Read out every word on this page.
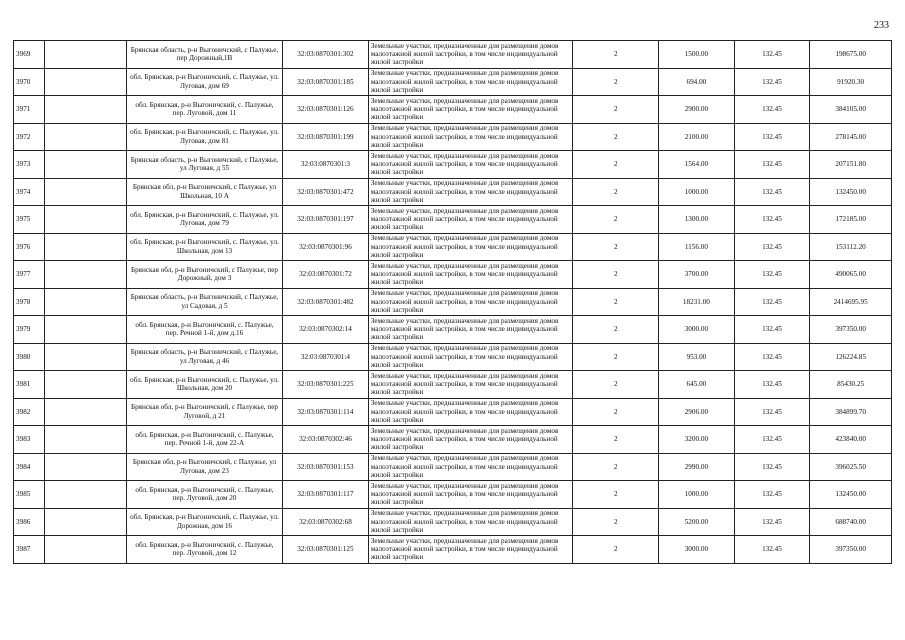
233
3969		Брянская область, р-н Выгоничский, с Палужье, пер Дорожный,1В	32:03:0870301:302	Земельные участки, предназначенные для размещения домов малоэтажной жилой застройки, в том числе индивидуальной жилой застройки	2	1500.00	132.45	198675.00
3970		обл. Брянская, р-н Выгоничский, с. Палужье, ул. Луговая, дом 69	32:03:0870301:185	Земельные участки, предназначенные для размещения домов малоэтажной жилой застройки, в том числе индивидуальной жилой застройки	2	694.00	132.45	91920.30
3971		обл. Брянская, р-н Выгоничский, с. Палужье, пер. Луговой, дом 11	32:03:0870301:126	Земельные участки, предназначенные для размещения домов малоэтажной жилой застройки, в том числе индивидуальной жилой застройки	2	2900.00	132.45	384105.00
3972		обл. Брянская, р-н Выгоничский, с. Палужье, ул. Луговая, дом 81	32:03:0870301:199	Земельные участки, предназначенные для размещения домов малоэтажной жилой застройки, в том числе индивидуальной жилой застройки	2	2100.00	132.45	278145.00
3973		Брянская область, р-н Выгоничский, с Палужье, ул Луговая, д 55	32:03:0870301:3	Земельные участки, предназначенные для размещения домов малоэтажной жилой застройки, в том числе индивидуальной жилой застройки	2	1564.00	132.45	207151.80
3974		Брянская обл, р-н Выгоничский, с Палужье, ул Школьная, 10 А	32:03:0870301:472	Земельные участки, предназначенные для размещения домов малоэтажной жилой застройки, в том числе индивидуальной жилой застройки	2	1000.00	132.45	132450.00
3975		обл. Брянская, р-н Выгоничский, с. Палужье, ул. Луговая, дом 79	32:03:0870301:197	Земельные участки, предназначенные для размещения домов малоэтажной жилой застройки, в том числе индивидуальной жилой застройки	2	1300.00	132.45	172185.00
3976		обл. Брянская, р-н Выгоничский, с. Палужье, ул. Школьная, дом 13	32:03:0870301:96	Земельные участки, предназначенные для размещения домов малоэтажной жилой застройки, в том числе индивидуальной жилой застройки	2	1156.00	132.45	153112.20
3977		Брянская обл, р-н Выгоничский, с Палужье, пер Дорожный, дом 3	32:03:0870301:72	Земельные участки, предназначенные для размещения домов малоэтажной жилой застройки, в том числе индивидуальной жилой застройки	2	3700.00	132.45	490065.00
3978		Брянская область, р-н Выгоничский, с Палужье, ул Садовая, д 5	32:03:0870301:482	Земельные участки, предназначенные для размещения домов малоэтажной жилой застройки, в том числе индивидуальной жилой застройки	2	18231.00	132.45	2414695.95
3979		обл. Брянская, р-н Выгоничский, с. Палужье, пер. Речной 1-й, дом д.16	32:03:0870302:14	Земельные участки, предназначенные для размещения домов малоэтажной жилой застройки, в том числе индивидуальной жилой застройки	2	3000.00	132.45	397350.00
3980		Брянская область, р-н Выгоничский, с Палужье, ул Луговая, д 46	32:03:0870301:4	Земельные участки, предназначенные для размещения домов малоэтажной жилой застройки, в том числе индивидуальной жилой застройки	2	953.00	132.45	126224.85
3981		обл. Брянская, р-н Выгоничский, с. Палужье, ул. Школьная, дом 20	32:03:0870301:225	Земельные участки, предназначенные для размещения домов малоэтажной жилой застройки, в том числе индивидуальной жилой застройки	2	645.00	132.45	85430.25
3982		Брянская обл, р-н Выгоничский, с Палужье, пер Луговой, д 21	32:03:0870301:114	Земельные участки, предназначенные для размещения домов малоэтажной жилой застройки, в том числе индивидуальной жилой застройки	2	2906.00	132.45	384899.70
3983		обл. Брянская, р-н Выгоничский, с. Палужье, пер. Речной 1-й, дом 22-А	32:03:0870302:46	Земельные участки, предназначенные для размещения домов малоэтажной жилой застройки, в том числе индивидуальной жилой застройки	2	3200.00	132.45	423840.00
3984		Брянская обл, р-н Выгоничский, с Палужье, ул Луговая, дом 23	32:03:0870301:153	Земельные участки, предназначенные для размещения домов малоэтажной жилой застройки, в том числе индивидуальной жилой застройки	2	2990.00	132.45	396025.50
3985		обл. Брянская, р-н Выгоничский, с. Палужье, пер. Луговой, дом 20	32:03:0870301:117	Земельные участки, предназначенные для размещения домов малоэтажной жилой застройки, в том числе индивидуальной жилой застройки	2	1000.00	132.45	132450.00
3986		обл. Брянская, р-н Выгоничский, с. Палужье, ул. Дорожная, дом 16	32:03:0870302:68	Земельные участки, предназначенные для размещения домов малоэтажной жилой застройки, в том числе индивидуальной жилой застройки	2	5200.00	132.45	688740.00
3987		обл. Брянская, р-н Выгоничский, с. Палужье, пер. Луговой, дом 12	32:03:0870301:125	Земельные участки, предназначенные для размещения домов малоэтажной жилой застройки, в том числе индивидуальной жилой застройки	2	3000.00	132.45	397350.00
